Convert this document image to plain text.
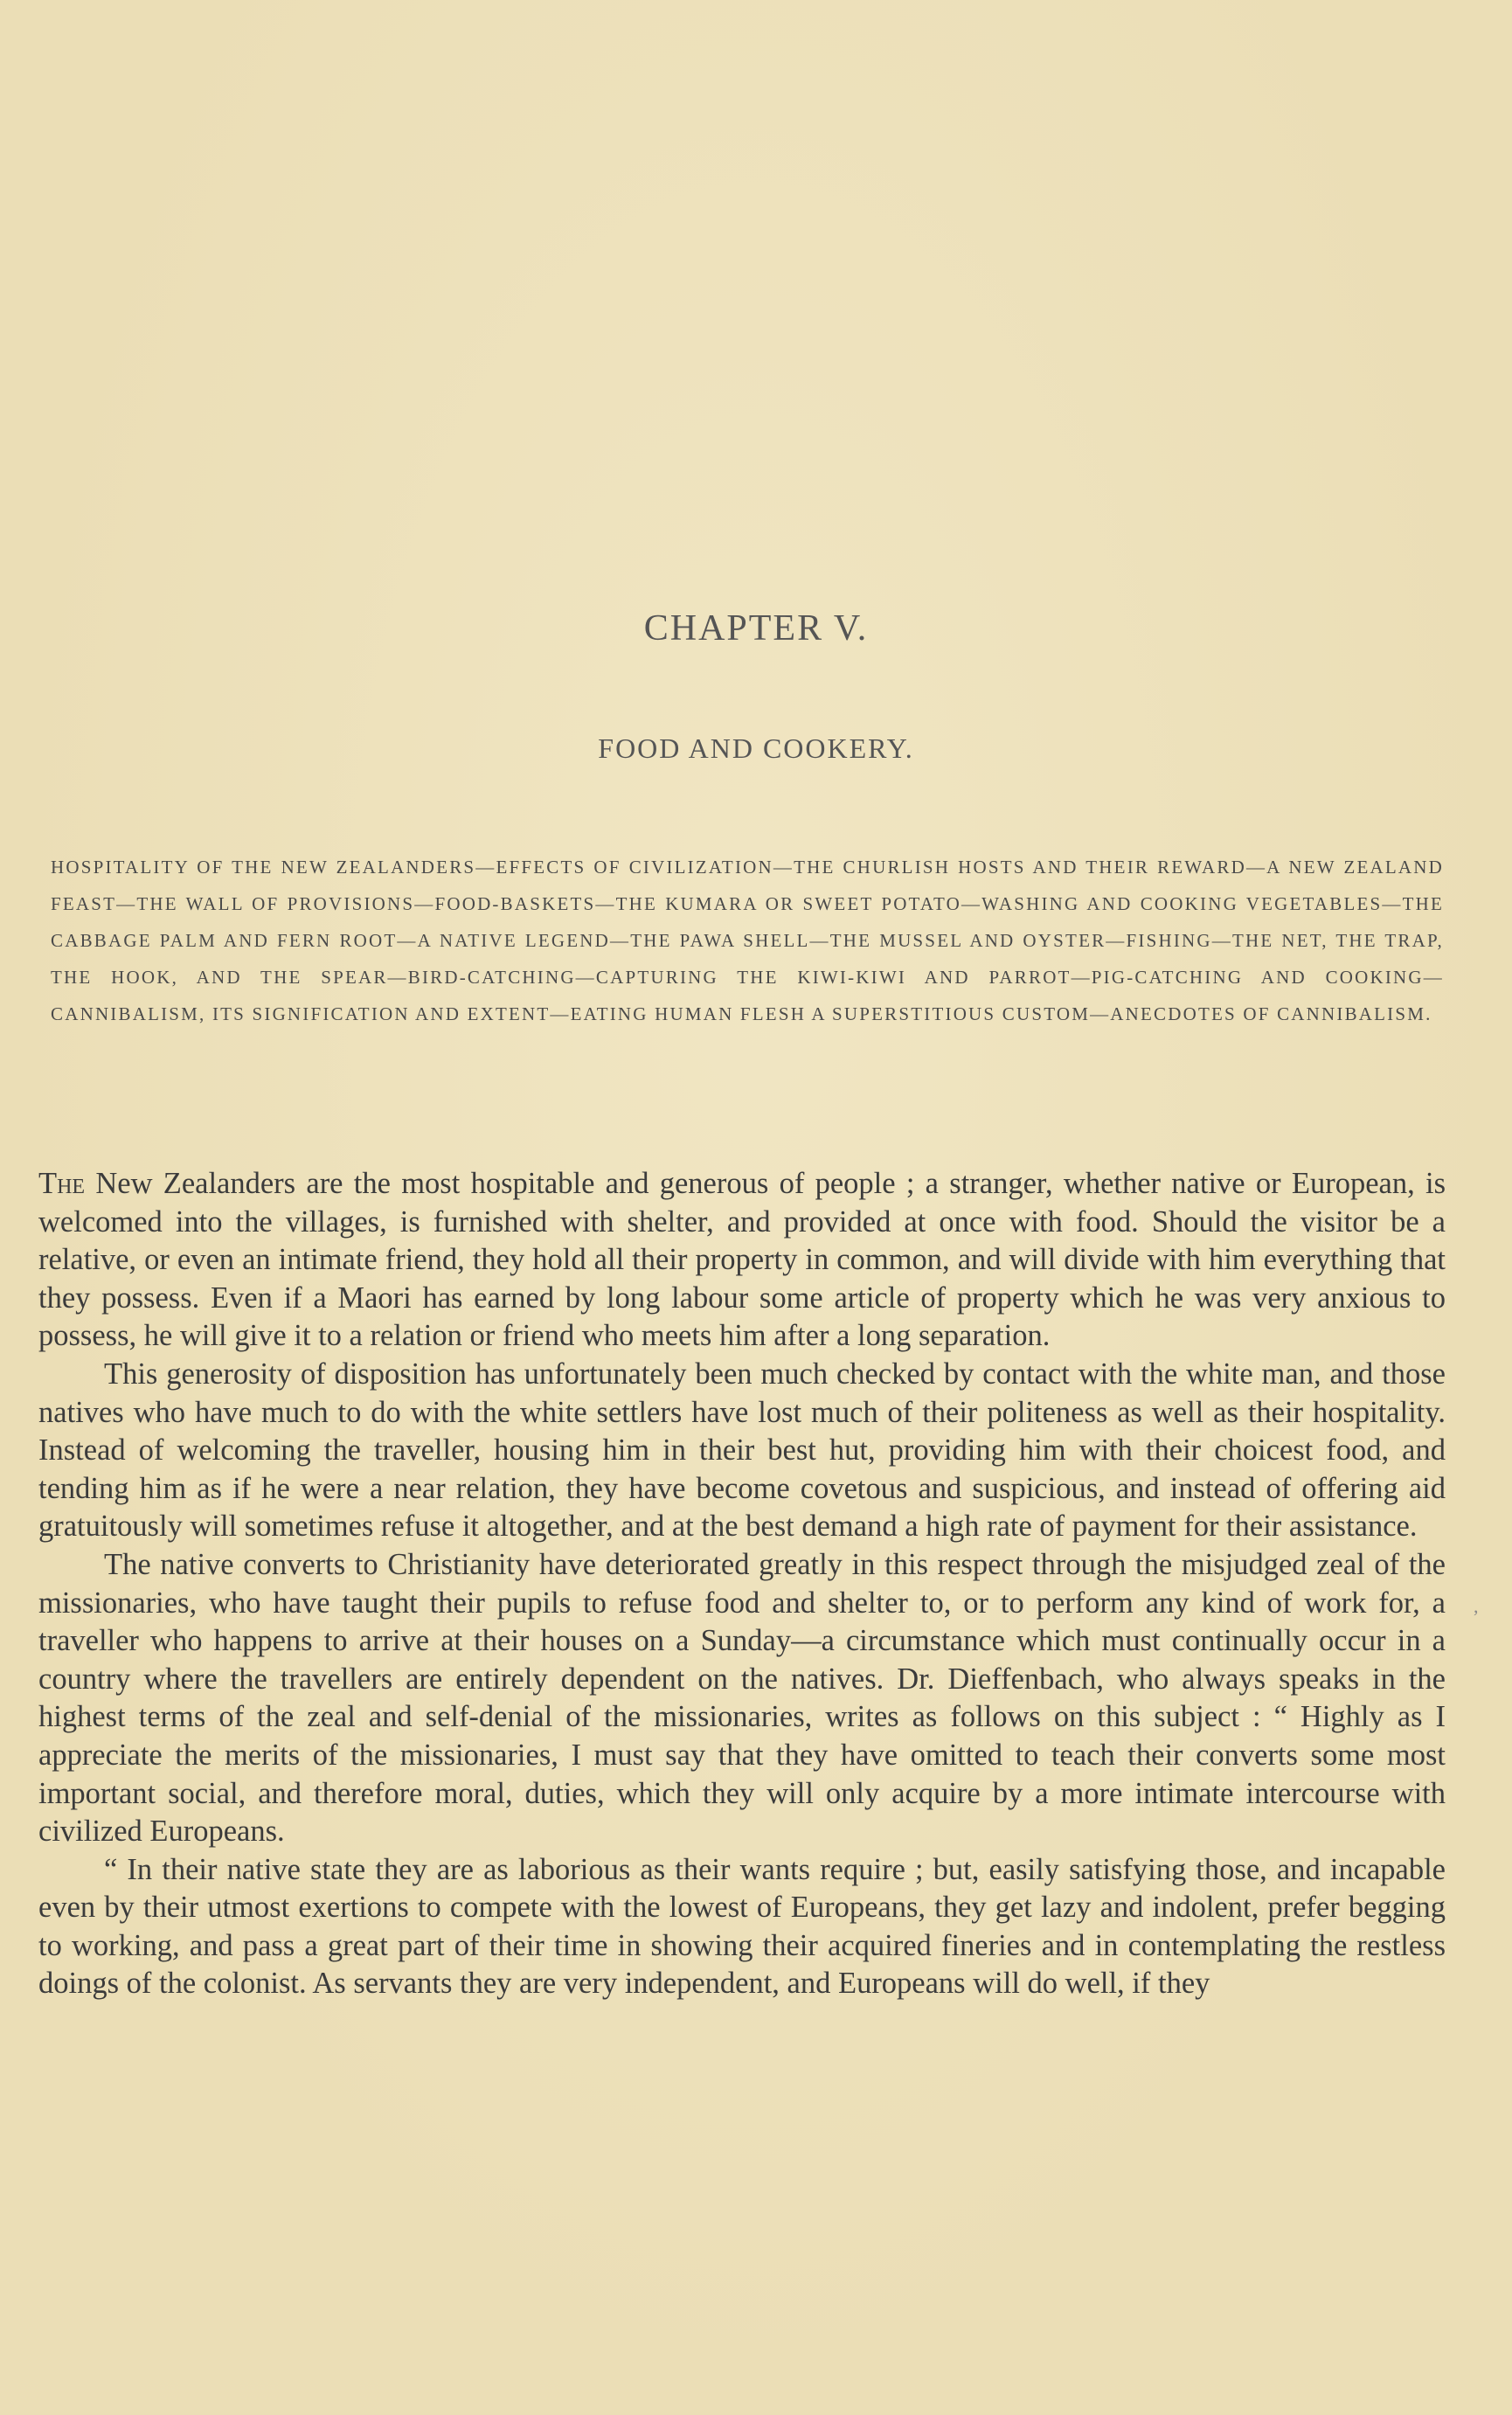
CHAPTER V.
FOOD AND COOKERY.
HOSPITALITY OF THE NEW ZEALANDERS—EFFECTS OF CIVILIZATION—THE CHURLISH HOSTS AND THEIR REWARD—A NEW ZEALAND FEAST—THE WALL OF PROVISIONS—FOOD-BASKETS—THE KUMARA OR SWEET POTATO—WASHING AND COOKING VEGETABLES—THE CABBAGE PALM AND FERN ROOT—A NATIVE LEGEND—THE PAWA SHELL—THE MUSSEL AND OYSTER—FISHING—THE NET, THE TRAP, THE HOOK, AND THE SPEAR—BIRD-CATCHING—CAPTURING THE KIWI-KIWI AND PARROT—PIG-CATCHING AND COOKING—CANNIBALISM, ITS SIGNIFICATION AND EXTENT—EATING HUMAN FLESH A SUPERSTITIOUS CUSTOM—ANECDOTES OF CANNIBALISM.

The New Zealanders are the most hospitable and generous of people ; a stranger, whether native or European, is welcomed into the villages, is furnished with shelter, and provided at once with food. Should the visitor be a relative, or even an intimate friend, they hold all their property in common, and will divide with him everything that they possess. Even if a Maori has earned by long labour some article of property which he was very anxious to possess, he will give it to a relation or friend who meets him after a long separation.

This generosity of disposition has unfortunately been much checked by contact with the white man, and those natives who have much to do with the white settlers have lost much of their politeness as well as their hospitality. Instead of welcoming the traveller, housing him in their best hut, providing him with their choicest food, and tending him as if he were a near relation, they have become covetous and suspicious, and instead of offering aid gratuitously will sometimes refuse it altogether, and at the best demand a high rate of payment for their assistance.

The native converts to Christianity have deteriorated greatly in this respect through the misjudged zeal of the missionaries, who have taught their pupils to refuse food and shelter to, or to perform any kind of work for, a traveller who happens to arrive at their houses on a Sunday—a circumstance which must continually occur in a country where the travellers are entirely dependent on the natives. Dr. Dieffenbach, who always speaks in the highest terms of the zeal and self-denial of the missionaries, writes as follows on this subject : “ Highly as I appreciate the merits of the missionaries, I must say that they have omitted to teach their converts some most important social, and therefore moral, duties, which they will only acquire by a more intimate intercourse with civilized Europeans.

“ In their native state they are as laborious as their wants require ; but, easily satisfying those, and incapable even by their utmost exertions to compete with the lowest of Europeans, they get lazy and indolent, prefer begging to working, and pass a great part of their time in showing their acquired fineries and in contemplating the restless doings of the colonist. As servants they are very independent, and Europeans will do well, if they

,
